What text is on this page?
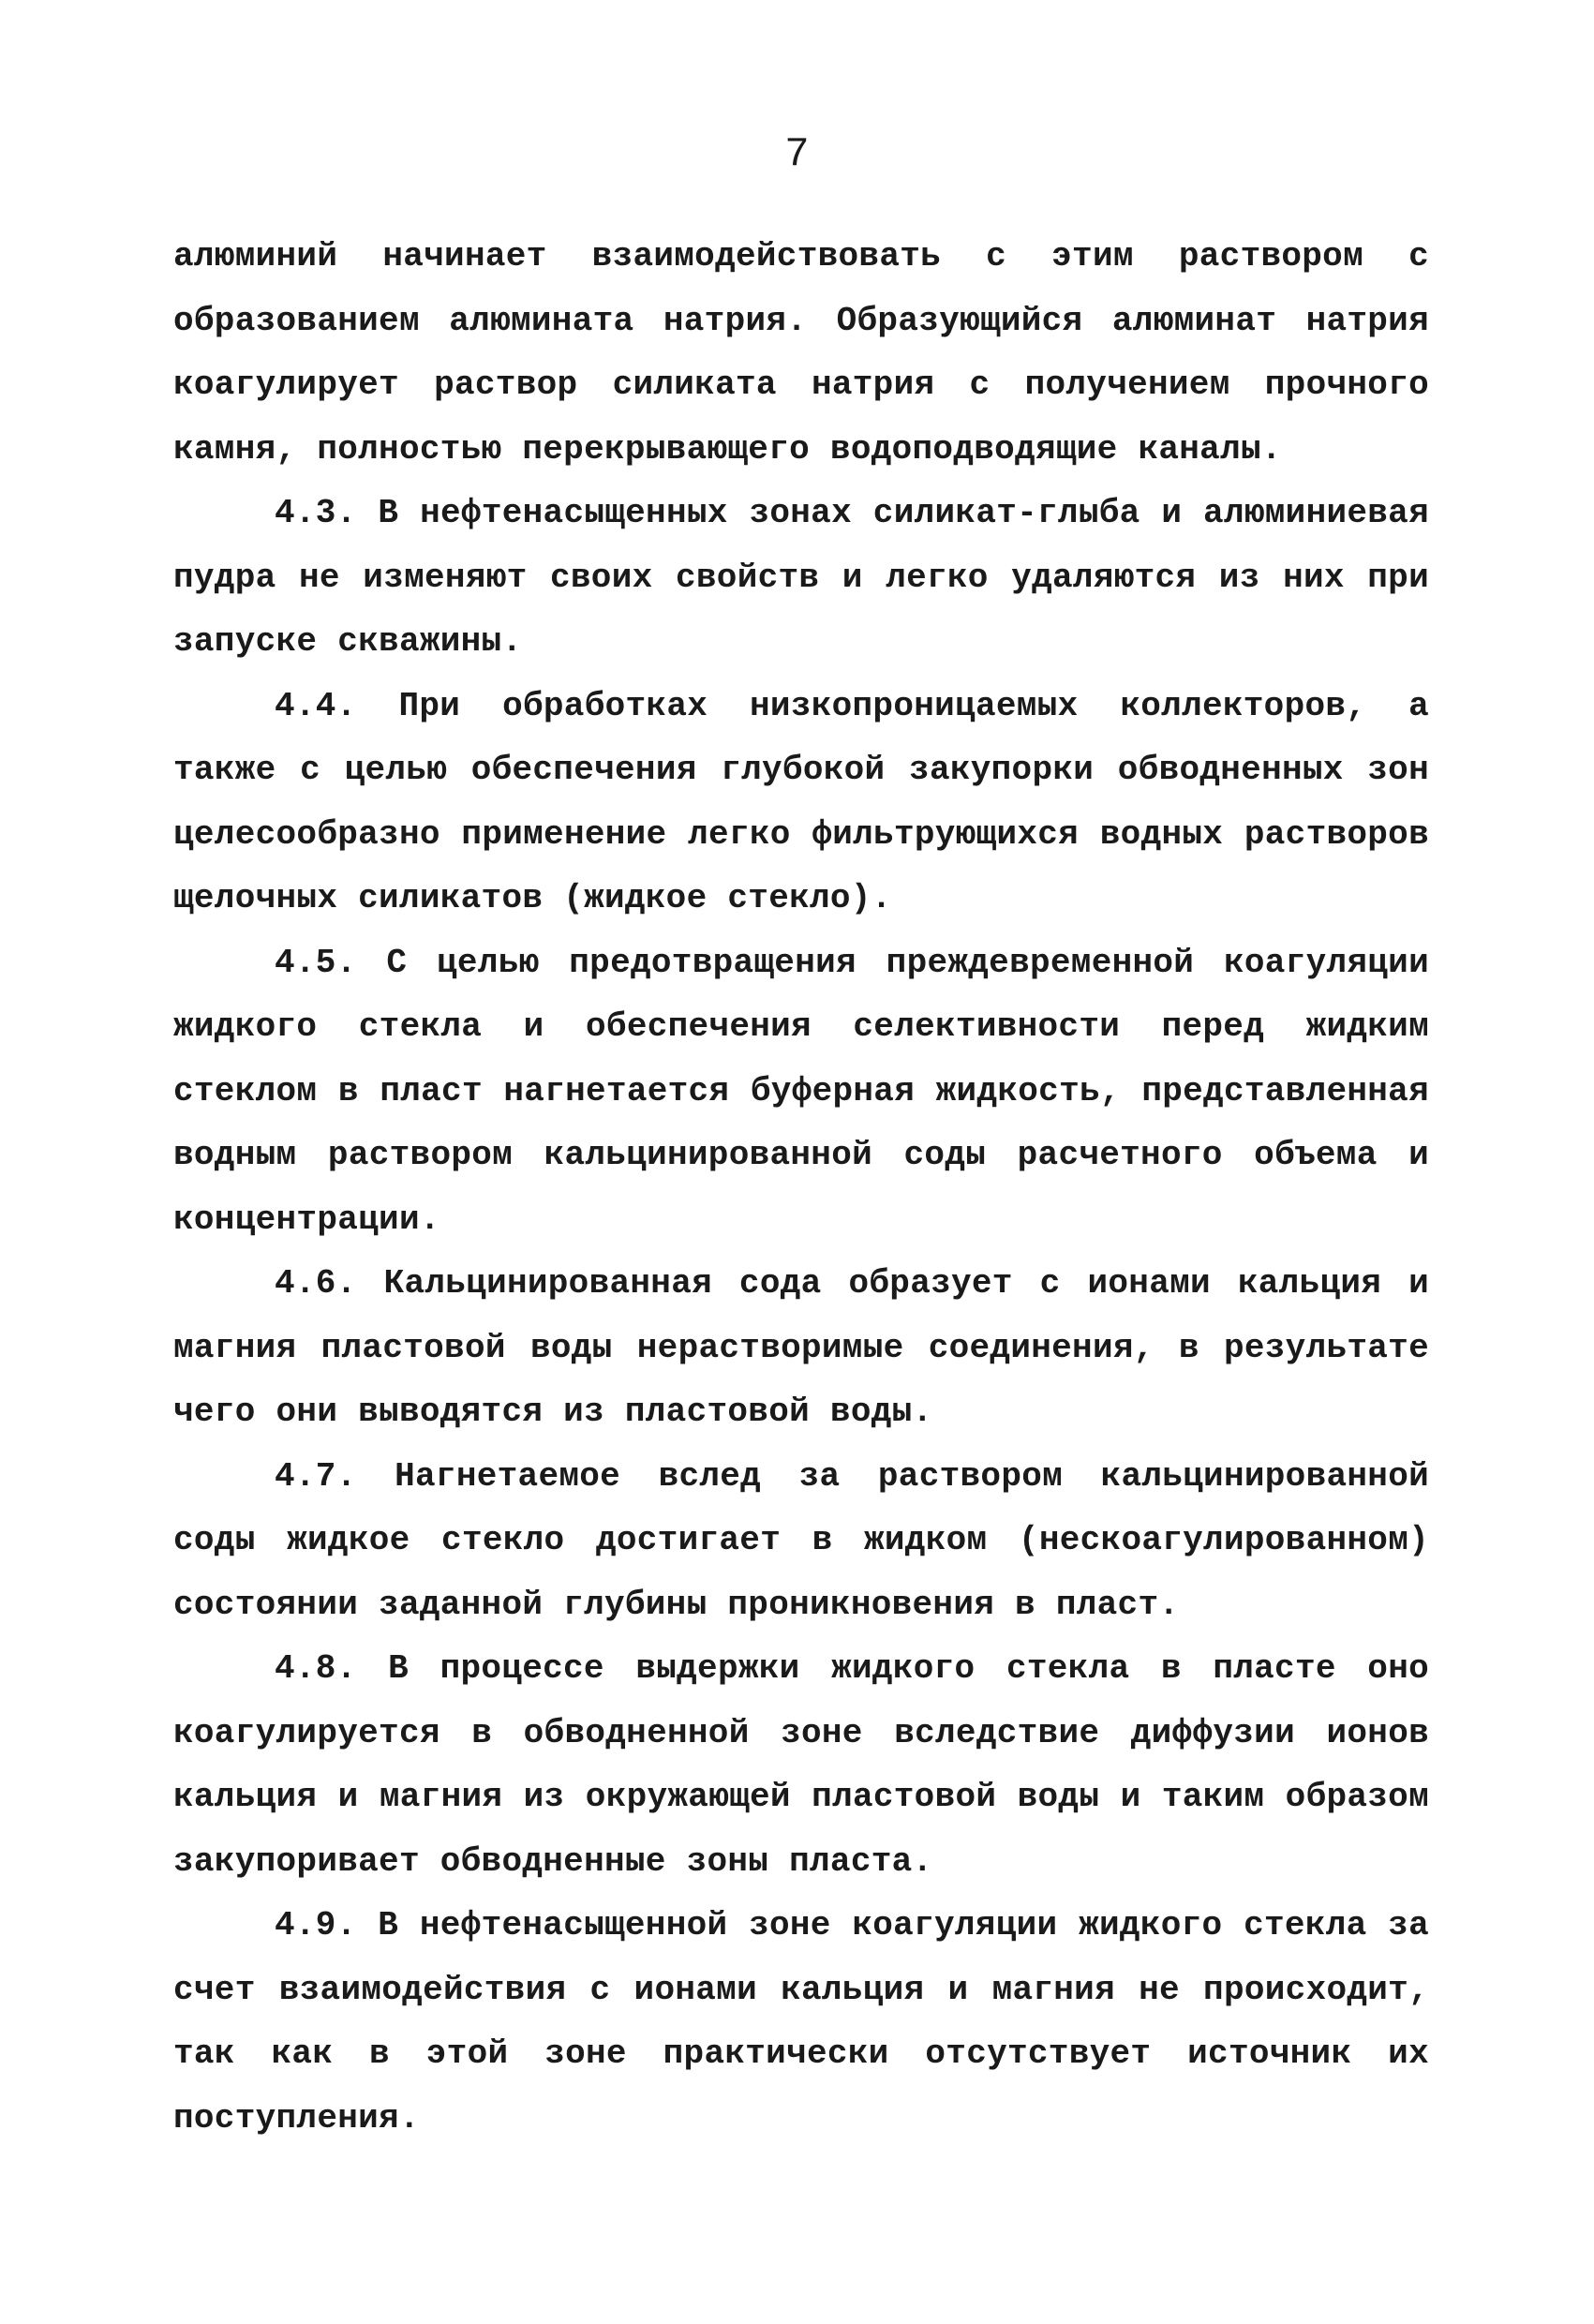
7

алюминий начинает взаимодействовать с этим раствором с образованием алюмината натрия. Образующийся алюминат натрия коагулирует раствор силиката натрия с получением прочного камня, полностью перекрывающего водоподводящие каналы.

4.3. В нефтенасыщенных зонах силикат-глыба и алюминиевая пудра не изменяют своих свойств и легко удаляются из них при запуске скважины.

4.4. При обработках низкопроницаемых коллекторов, а также с целью обеспечения глубокой закупорки обводненных зон целесообразно применение легко фильтрующихся водных растворов щелочных силикатов (жидкое стекло).

4.5. С целью предотвращения преждевременной коагуляции жидкого стекла и обеспечения селективности перед жидким стеклом в пласт нагнетается буферная жидкость, представленная водным раствором кальцинированной соды расчетного объема и концентрации.

4.6. Кальцинированная сода образует с ионами кальция и магния пластовой воды нерастворимые соединения, в результате чего они выводятся из пластовой воды.

4.7. Нагнетаемое вслед за раствором кальцинированной соды жидкое стекло достигает в жидком (нескоагулированном) состоянии заданной глубины проникновения в пласт.

4.8. В процессе выдержки жидкого стекла в пласте оно коагулируется в обводненной зоне вследствие диффузии ионов кальция и магния из окружающей пластовой воды и таким образом закупоривает обводненные зоны пласта.

4.9. В нефтенасыщенной зоне коагуляции жидкого стекла за счет взаимодействия с ионами кальция и магния не происходит, так как в этой зоне практически отсутствует источник их поступления.
